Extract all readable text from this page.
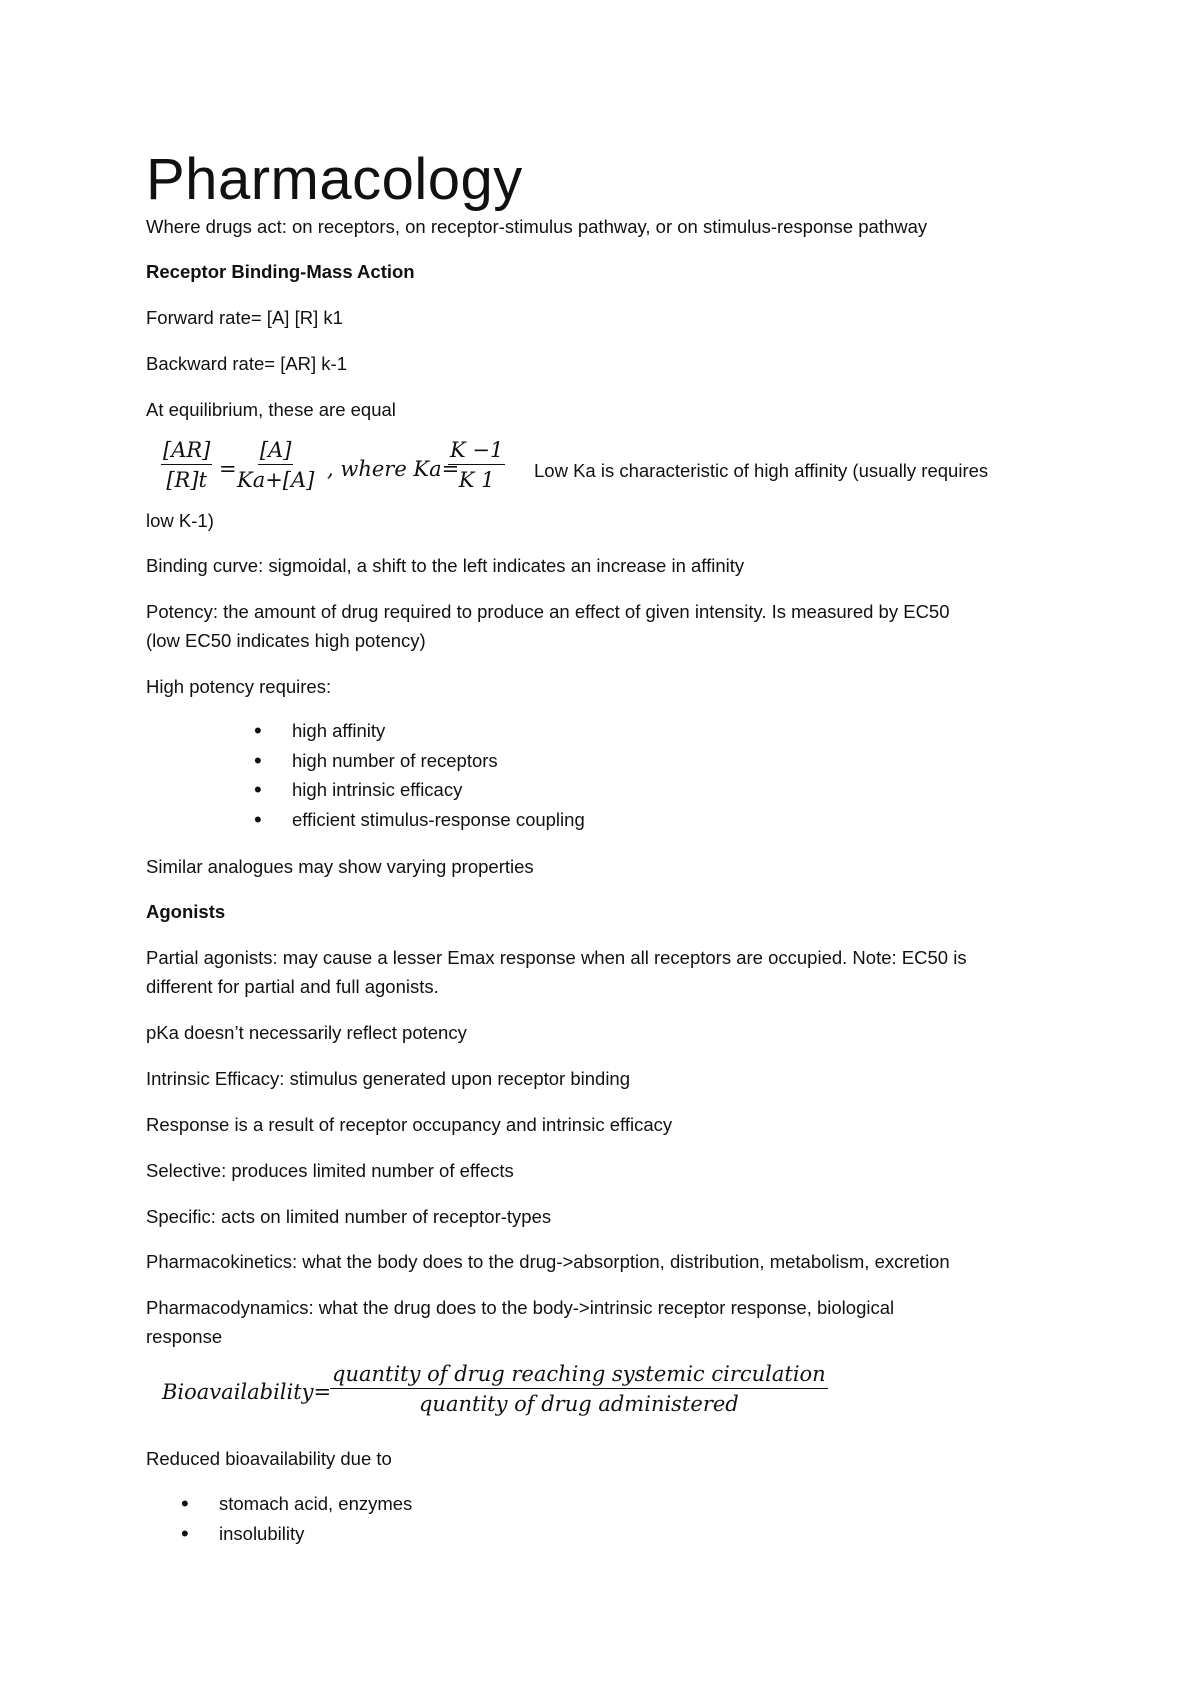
Pharmacology

Where drugs act: on receptors, on receptor-stimulus pathway, or on stimulus-response pathway

Receptor Binding-Mass Action

Forward rate= [A] [R] k1

Backward rate= [AR] k-1

At equilibrium, these are equal

$\frac{[AR]}{[R]t} = \frac{[A]}{Ka+[A]}$ , where Ka=
$\frac{K -1}{K 1}$ Low Ka is characteristic of high affinity (usually requires

low K-1)

Binding curve: sigmoidal, a shift to the left indicates an increase in affinity

Potency: the amount of drug required to produce an effect of given intensity. Is measured by EC50

(low EC50 indicates high potency)

High potency requires:

• high affinity
• high number of receptors
• high intrinsic efficacy
• efficient stimulus-response coupling

Similar analogues may show varying properties

Agonists

Partial agonists: may cause a lesser Emax response when all receptors are occupied. Note: EC50 is

different for partial and full agonists.

pKa doesn’t necessarily reflect potency

Intrinsic Efficacy: stimulus generated upon receptor binding

Response is a result of receptor occupancy and intrinsic efficacy

Selective: produces limited number of effects

Specific: acts on limited number of receptor-types

Pharmacokinetics: what the body does to the drug->absorption, distribution, metabolism, excretion

Pharmacodynamics: what the drug does to the body->intrinsic receptor response, biological

response

Bioavailability=
quantity of drug reaching systemic circulation
quantity of drug administered

Reduced bioavailability due to

• stomach acid, enzymes
• insolubility
